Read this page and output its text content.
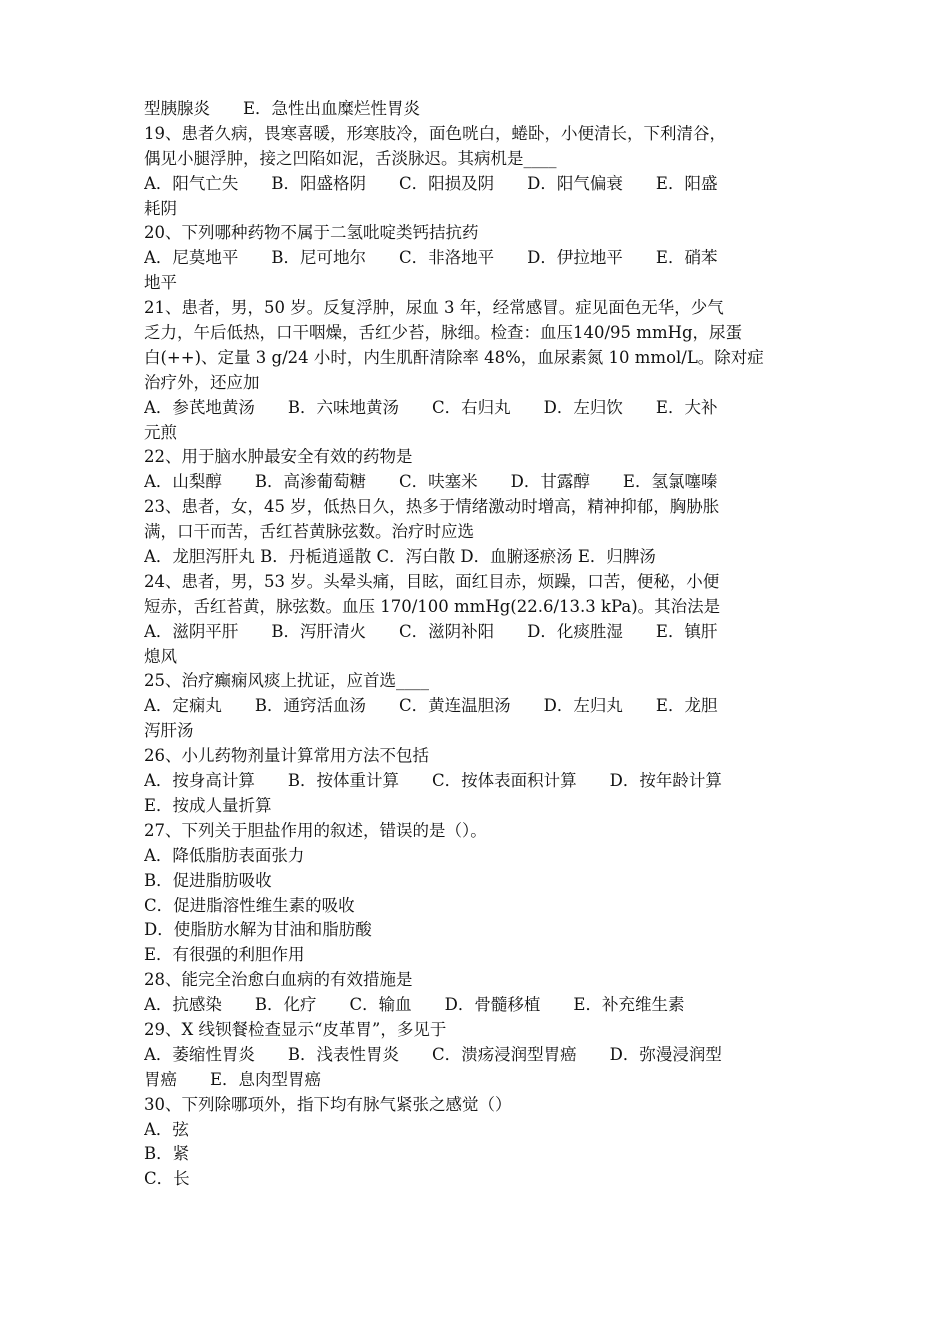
型胰腺炎　　E．急性出血糜烂性胃炎
19、患者久病，畏寒喜暖，形寒肢冷，面色咣白，蜷卧，小便清长，下利清谷，
偶见小腿浮肿，接之凹陷如泥，舌淡脉迟。其病机是____
A．阳气亡失　　B．阳盛格阴　　C．阳损及阴　　D．阳气偏衰　　E．阳盛
耗阴
20、下列哪种药物不属于二氢吡啶类钙拮抗药
A．尼莫地平　　B．尼可地尔　　C．非洛地平　　D．伊拉地平　　E．硝苯
地平
21、患者，男，50 岁。反复浮肿，尿血 3 年，经常感冒。症见面色无华，少气
乏力，午后低热，口干咽燥，舌红少苔，脉细。检查：血压140/95 mmHg，尿蛋
白(++)、定量 3 g/24 小时，内生肌酐清除率 48%，血尿素氮 10 mmol/L。除对症
治疗外，还应加
A．参芪地黄汤　　B．六味地黄汤　　C．右归丸　　D．左归饮　　E．大补
元煎
22、用于脑水肿最安全有效的药物是
A．山梨醇　　B．高渗葡萄糖　　C．呋塞米　　D．甘露醇　　E．氢氯噻嗪
23、患者，女，45 岁，低热日久，热多于情绪激动时增高，精神抑郁，胸胁胀
满，口干而苦，舌红苔黄脉弦数。治疗时应选
A．龙胆泻肝丸 B．丹栀逍遥散 C．泻白散 D．血腑逐瘀汤 E．归脾汤
24、患者，男，53 岁。头晕头痛，目眩，面红目赤，烦躁，口苦，便秘，小便
短赤，舌红苔黄，脉弦数。血压 170/100 mmHg(22.6/13.3 kPa)。其治法是
A．滋阴平肝　　B．泻肝清火　　C．滋阴补阳　　D．化痰胜湿　　E．镇肝
熄风
25、治疗癫痫风痰上扰证，应首选____
A．定痫丸　　B．通窍活血汤　　C．黄连温胆汤　　D．左归丸　　E．龙胆
泻肝汤
26、小儿药物剂量计算常用方法不包括
A．按身高计算　　B．按体重计算　　C．按体表面积计算　　D．按年龄计算
E．按成人量折算
27、下列关于胆盐作用的叙述，错误的是（）。
A．降低脂肪表面张力
B．促进脂肪吸收
C．促进脂溶性维生素的吸收
D．使脂肪水解为甘油和脂肪酸
E．有很强的利胆作用
28、能完全治愈白血病的有效措施是
A．抗感染　　B．化疗　　C．输血　　D．骨髓移植　　E．补充维生素
29、X 线钡餐检查显示“皮革胃”，多见于
A．萎缩性胃炎　　B．浅表性胃炎　　C．溃疡浸润型胃癌　　D．弥漫浸润型
胃癌　　E．息肉型胃癌
30、下列除哪项外，指下均有脉气紧张之感觉（）
A．弦
B．紧
C．长
